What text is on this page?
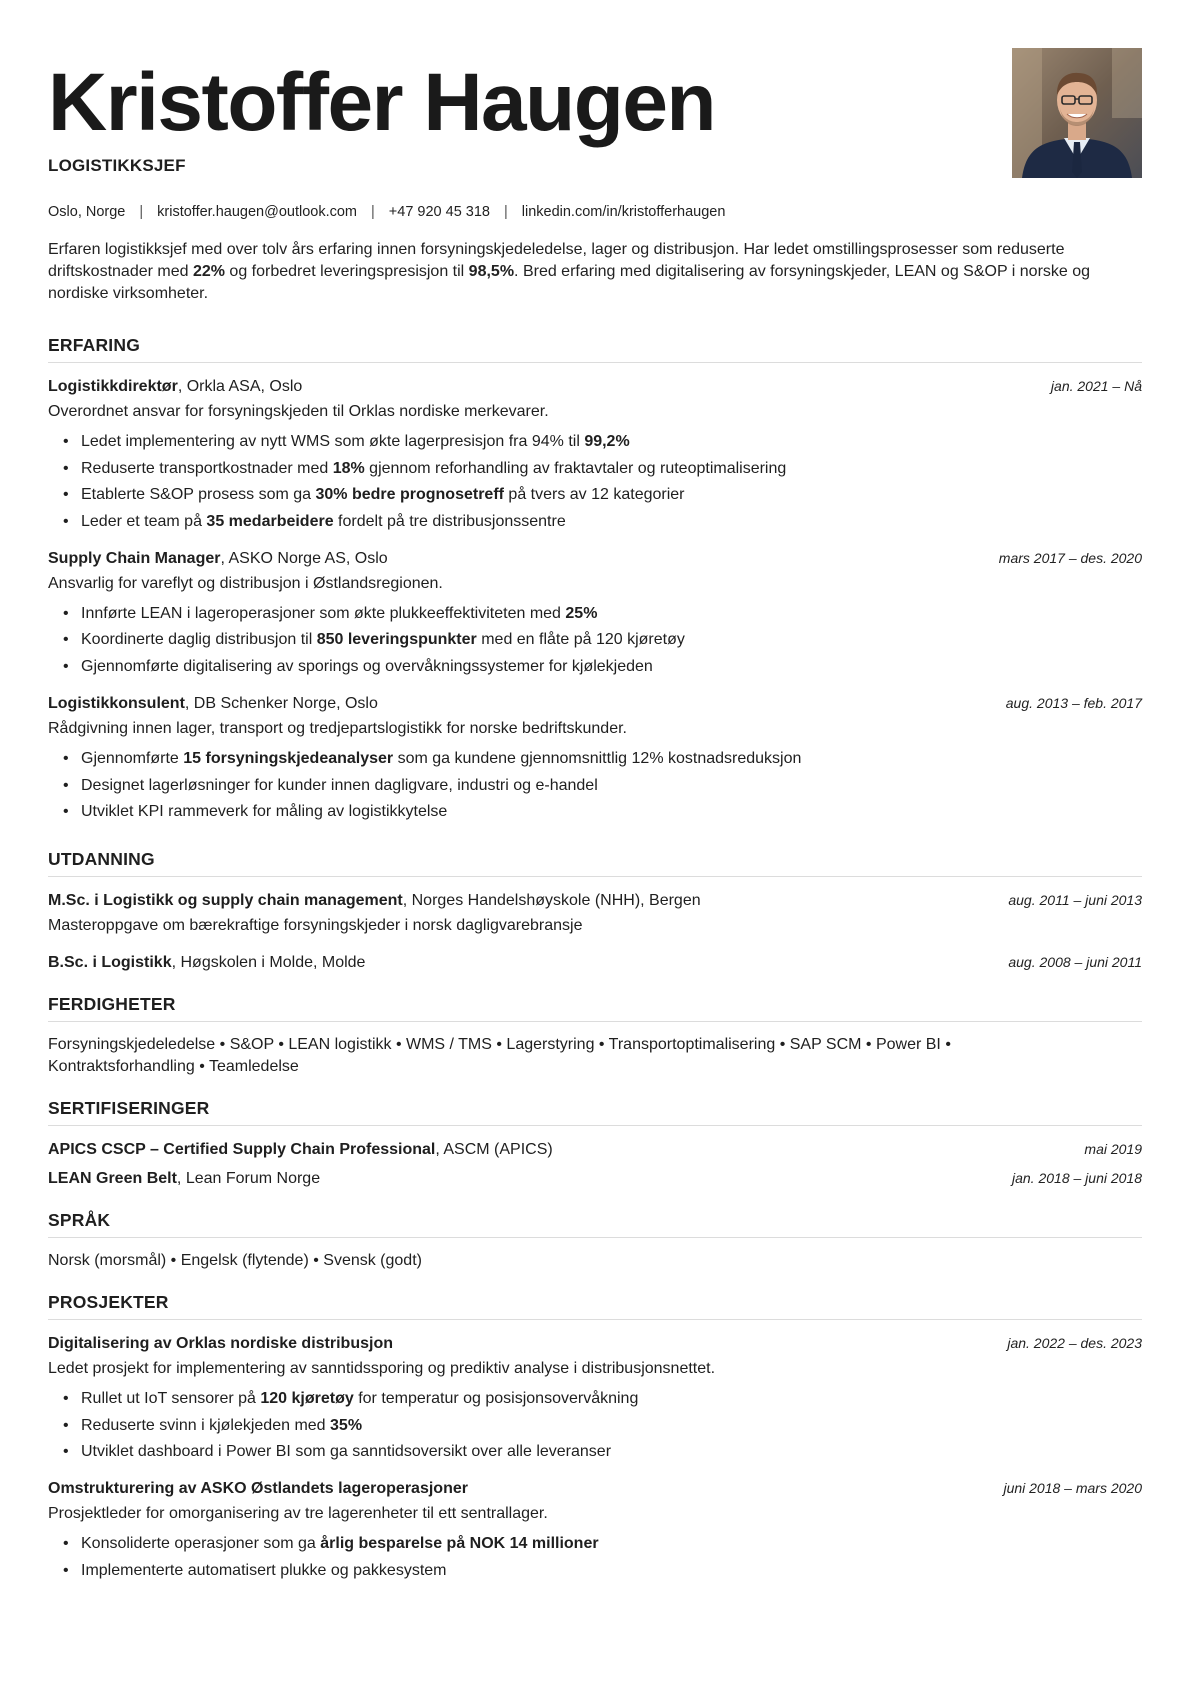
Kristoffer Haugen
LOGISTIKKSJEF
Oslo, Norge | kristoffer.haugen@outlook.com | +47 920 45 318 | linkedin.com/in/kristofferhaugen

Erfaren logistikksjef med over tolv års erfaring innen forsyningskjedeledelse, lager og distribusjon. Har ledet omstillingsprosesser som reduserte driftskostnader med 22% og forbedret leveringspresisjon til 98,5%. Bred erfaring med digitalisering av forsyningskjeder, LEAN og S&OP i norske og nordiske virksomheter.

ERFARING
Logistikkdirektør, Orkla ASA, Oslo	jan. 2021 – Nå
Overordnet ansvar for forsyningskjeden til Orklas nordiske merkevarer.
• Ledet implementering av nytt WMS som økte lagerpresisjon fra 94% til 99,2%
• Reduserte transportkostnader med 18% gjennom reforhandling av fraktavtaler og ruteoptimalisering
• Etablerte S&OP prosess som ga 30% bedre prognosetreff på tvers av 12 kategorier
• Leder et team på 35 medarbeidere fordelt på tre distribusjonssentre
Supply Chain Manager, ASKO Norge AS, Oslo	mars 2017 – des. 2020
Ansvarlig for vareflyt og distribusjon i Østlandsregionen.
• Innførte LEAN i lageroperasjoner som økte plukkeeffektiviteten med 25%
• Koordinerte daglig distribusjon til 850 leveringspunkter med en flåte på 120 kjøretøy
• Gjennomførte digitalisering av sporings og overvåkningssystemer for kjølekjeden
Logistikkonsulent, DB Schenker Norge, Oslo	aug. 2013 – feb. 2017
Rådgivning innen lager, transport og tredjepartslogistikk for norske bedriftskunder.
• Gjennomførte 15 forsyningskjedeanalyser som ga kundene gjennomsnittlig 12% kostnadsreduksjon
• Designet lagerløsninger for kunder innen dagligvare, industri og e-handel
• Utviklet KPI rammeverk for måling av logistikkytelse
UTDANNING
M.Sc. i Logistikk og supply chain management, Norges Handelshøyskole (NHH), Bergen	aug. 2011 – juni 2013
Masteroppgave om bærekraftige forsyningskjeder i norsk dagligvarebransje
B.Sc. i Logistikk, Høgskolen i Molde, Molde	aug. 2008 – juni 2011
FERDIGHETER
Forsyningskjedeledelse • S&OP • LEAN logistikk • WMS / TMS • Lagerstyring • Transportoptimalisering • SAP SCM • Power BI •
Kontraktsforhandling • Teamledelse
SERTIFISERINGER
APICS CSCP – Certified Supply Chain Professional, ASCM (APICS)	mai 2019
LEAN Green Belt, Lean Forum Norge	jan. 2018 – juni 2018
SPRÅK
Norsk (morsmål) • Engelsk (flytende) • Svensk (godt)
PROSJEKTER
Digitalisering av Orklas nordiske distribusjon	jan. 2022 – des. 2023
Ledet prosjekt for implementering av sanntidssporing og prediktiv analyse i distribusjonsnettet.
• Rullet ut IoT sensorer på 120 kjøretøy for temperatur og posisjonsovervåkning
• Reduserte svinn i kjølekjeden med 35%
• Utviklet dashboard i Power BI som ga sanntidsoversikt over alle leveranser
Omstrukturering av ASKO Østlandets lageroperasjoner	juni 2018 – mars 2020
Prosjektleder for omorganisering av tre lagerenheter til ett sentrallager.
• Konsoliderte operasjoner som ga årlig besparelse på NOK 14 millioner
• Implementerte automatisert plukke og pakkesystem
